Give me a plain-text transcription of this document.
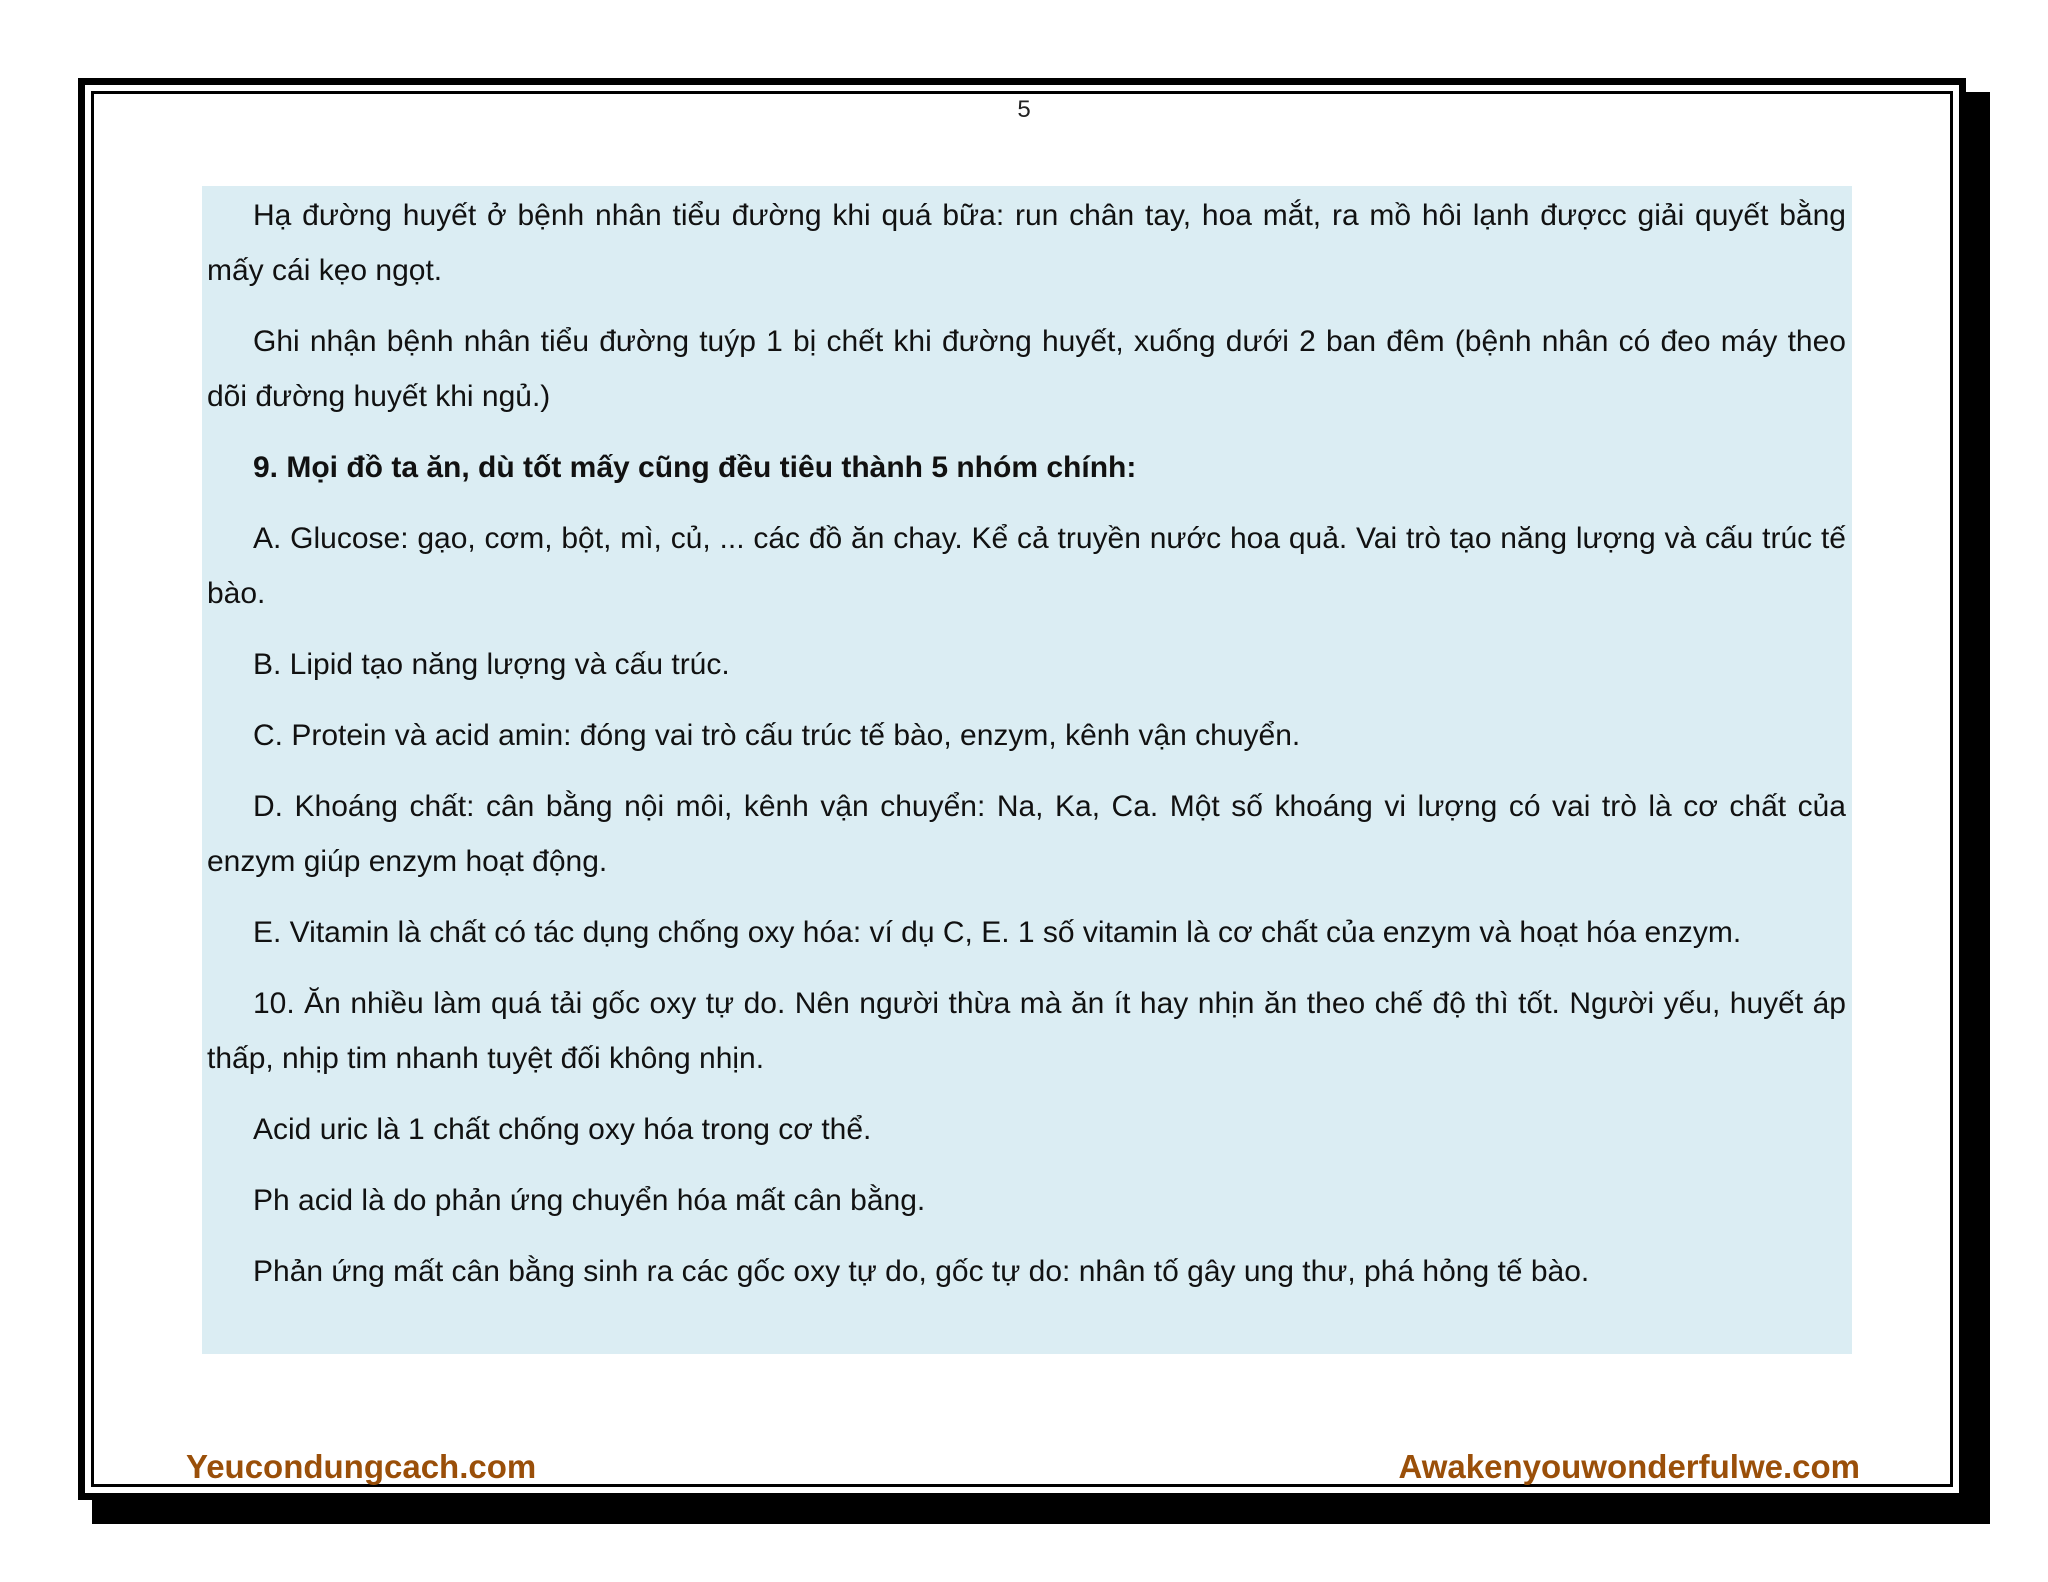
5

Hạ đường huyết ở bệnh nhân tiểu đường khi quá bữa: run chân tay, hoa mắt, ra mồ hôi lạnh đượcc giải quyết bằng mấy cái kẹo ngọt.

Ghi nhận bệnh nhân tiểu đường tuýp 1 bị chết khi đường huyết, xuống dưới 2 ban đêm (bệnh nhân có đeo máy theo dõi đường huyết khi ngủ.)

9. Mọi đồ ta ăn, dù tốt mấy cũng đều tiêu thành 5 nhóm chính:

A. Glucose: gạo, cơm, bột, mì, củ, ... các đồ ăn chay. Kể cả truyền nước hoa quả. Vai trò tạo năng lượng và cấu trúc tế bào.

B. Lipid tạo năng lượng và cấu trúc.

C. Protein và acid amin: đóng vai trò cấu trúc tế bào, enzym, kênh vận chuyển.

D. Khoáng chất: cân bằng nội môi, kênh vận chuyển: Na, Ka, Ca. Một số khoáng vi lượng có vai trò là cơ chất của enzym giúp enzym hoạt động.

E. Vitamin là chất có tác dụng chống oxy hóa: ví dụ C, E. 1 số vitamin là cơ chất của enzym và hoạt hóa enzym.

10. Ăn nhiều làm quá tải gốc oxy tự do. Nên người thừa mà ăn ít hay nhịn ăn theo chế độ thì tốt. Người yếu, huyết áp thấp, nhịp tim nhanh tuyệt đối không nhịn.

Acid uric là 1 chất chống oxy hóa trong cơ thể.

Ph acid là do phản ứng chuyển hóa mất cân bằng.

Phản ứng mất cân bằng sinh ra các gốc oxy tự do, gốc tự do: nhân tố gây ung thư, phá hỏng tế bào.

Yeucondungcach.com	Awakenyouwonderfulwe.com
